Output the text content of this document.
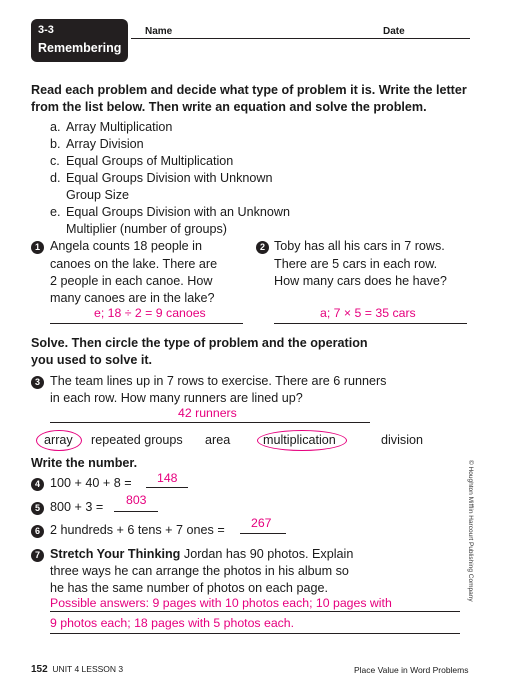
3-3
Remembering
Name	Date
Read each problem and decide what type of problem it is. Write the letter
from the list below. Then write an equation and solve the problem.
a. Array Multiplication
b. Array Division
c. Equal Groups of Multiplication
d. Equal Groups Division with Unknown
Group Size
e. Equal Groups Division with an Unknown
Multiplier (number of groups)
1 Angela counts 18 people in
canoes on the lake. There are
2 people in each canoe. How
many canoes are in the lake?
e; 18 ÷ 2 = 9 canoes
2 Toby has all his cars in 7 rows.
There are 5 cars in each row.
How many cars does he have?
a; 7 × 5 = 35 cars
Solve. Then circle the type of problem and the operation
you used to solve it.
3 The team lines up in 7 rows to exercise. There are 6 runners
in each row. How many runners are lined up?
42 runners
array repeated groups area	multiplication	division
Write the number.
4 100 + 40 + 8 = 148
5 800 + 3 = 803
6 2 hundreds + 6 tens + 7 ones = 267
7 Stretch Your Thinking Jordan has 90 photos. Explain
three ways he can arrange the photos in his album so
he has the same number of photos on each page.
Possible answers: 9 pages with 10 photos each; 10 pages with
9 photos each; 18 pages with 5 photos each.
152 UNIT 4 LESSON 3	Place Value in Word Problems
© Houghton Mifflin Harcourt Publishing Company
